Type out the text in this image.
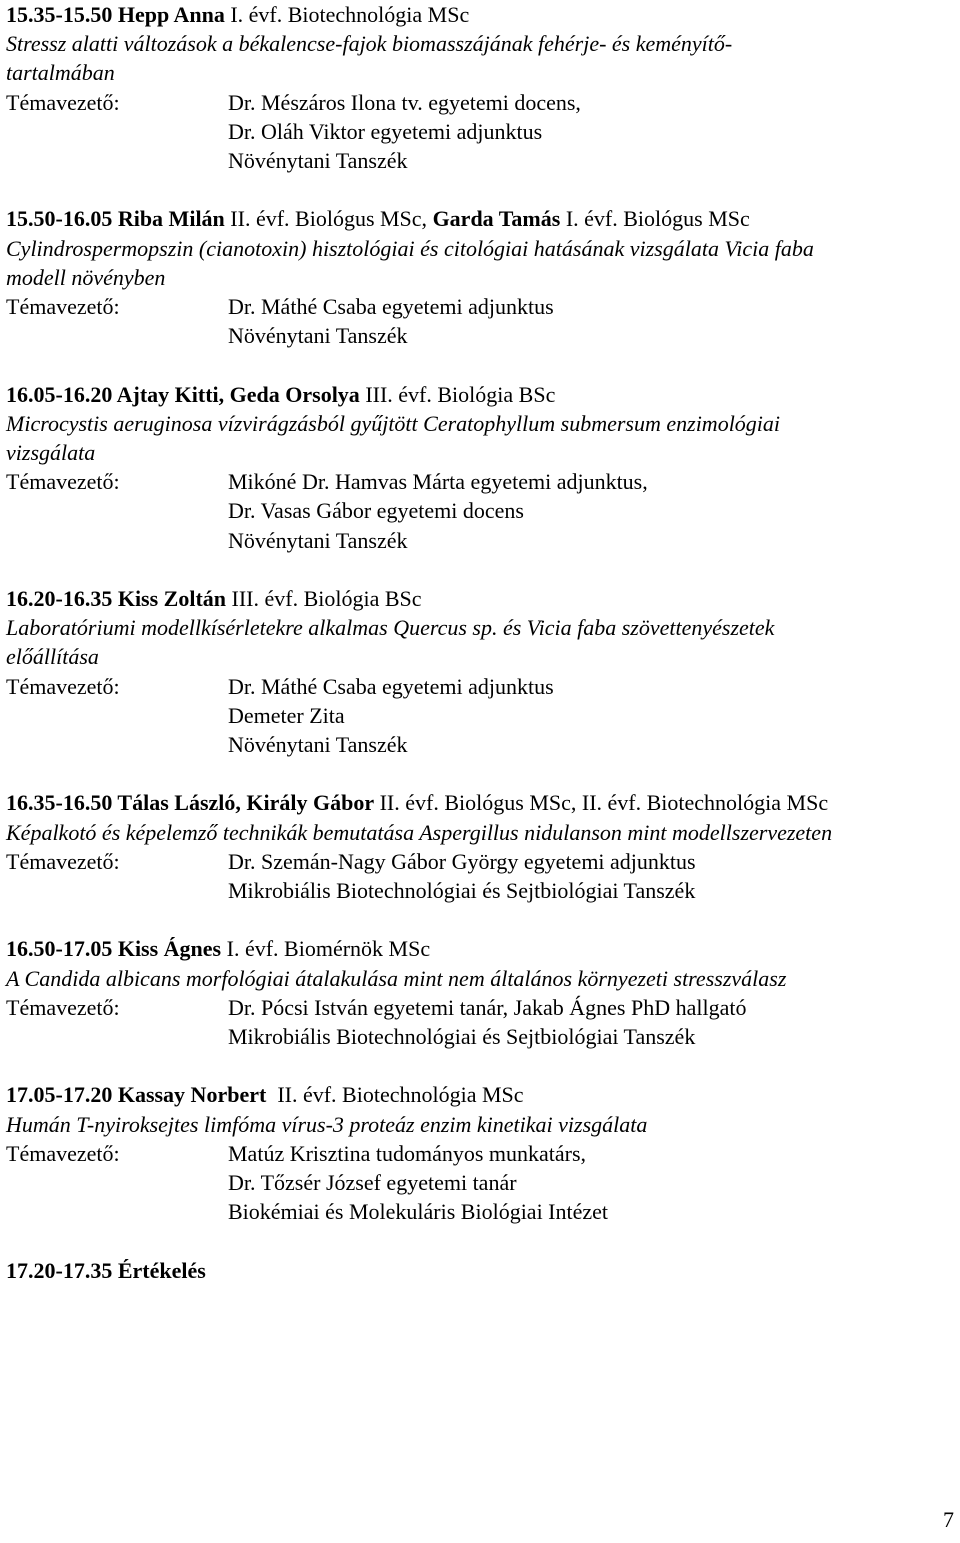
15.35-15.50 Hepp Anna I. évf. Biotechnológia MSc
Stressz alatti változások a békalencse-fajok biomasszájának fehérje- és keményítő-
tartalmában
Témavezető:	Dr. Mészáros Ilona tv. egyetemi docens,
Dr. Oláh Viktor egyetemi adjunktus
Növénytani Tanszék
15.50-16.05 Riba Milán II. évf. Biológus MSc, Garda Tamás I. évf. Biológus MSc
Cylindrospermopszin (cianotoxin) hisztológiai és citológiai hatásának vizsgálata Vicia faba
modell növényben
Témavezető:	Dr. Máthé Csaba egyetemi adjunktus
Növénytani Tanszék
16.05-16.20 Ajtay Kitti, Geda Orsolya III. évf. Biológia BSc
Microcystis aeruginosa vízvirágzásból gyűjtött Ceratophyllum submersum enzimológiai
vizsgálata
Témavezető:	Mikóné Dr. Hamvas Márta egyetemi adjunktus,
Dr. Vasas Gábor egyetemi docens
Növénytani Tanszék
16.20-16.35 Kiss Zoltán III. évf. Biológia BSc
Laboratóriumi modellkísérletekre alkalmas Quercus sp. és Vicia faba szövettenyészetek
előállítása
Témavezető:	Dr. Máthé Csaba egyetemi adjunktus
Demeter Zita
Növénytani Tanszék
16.35-16.50 Tálas László, Király Gábor II. évf. Biológus MSc, II. évf. Biotechnológia MSc
Képalkotó és képelemző technikák bemutatása Aspergillus nidulanson mint modellszervezeten
Témavezető:	Dr. Szemán-Nagy Gábor György egyetemi adjunktus
Mikrobiális Biotechnológiai és Sejtbiológiai Tanszék
16.50-17.05 Kiss Ágnes I. évf. Biomérnök MSc
A Candida albicans morfológiai átalakulása mint nem általános környezeti stresszválasz
Témavezető:	Dr. Pócsi István egyetemi tanár, Jakab Ágnes PhD hallgató
Mikrobiális Biotechnológiai és Sejtbiológiai Tanszék
17.05-17.20 Kassay Norbert  II. évf. Biotechnológia MSc
Humán T-nyiroksejtes limfóma vírus-3 proteáz enzim kinetikai vizsgálata
Témavezető:	Matúz Krisztina tudományos munkatárs,
Dr. Tőzsér József egyetemi tanár
Biokémiai és Molekuláris Biológiai Intézet
17.20-17.35 Értékelés
7
